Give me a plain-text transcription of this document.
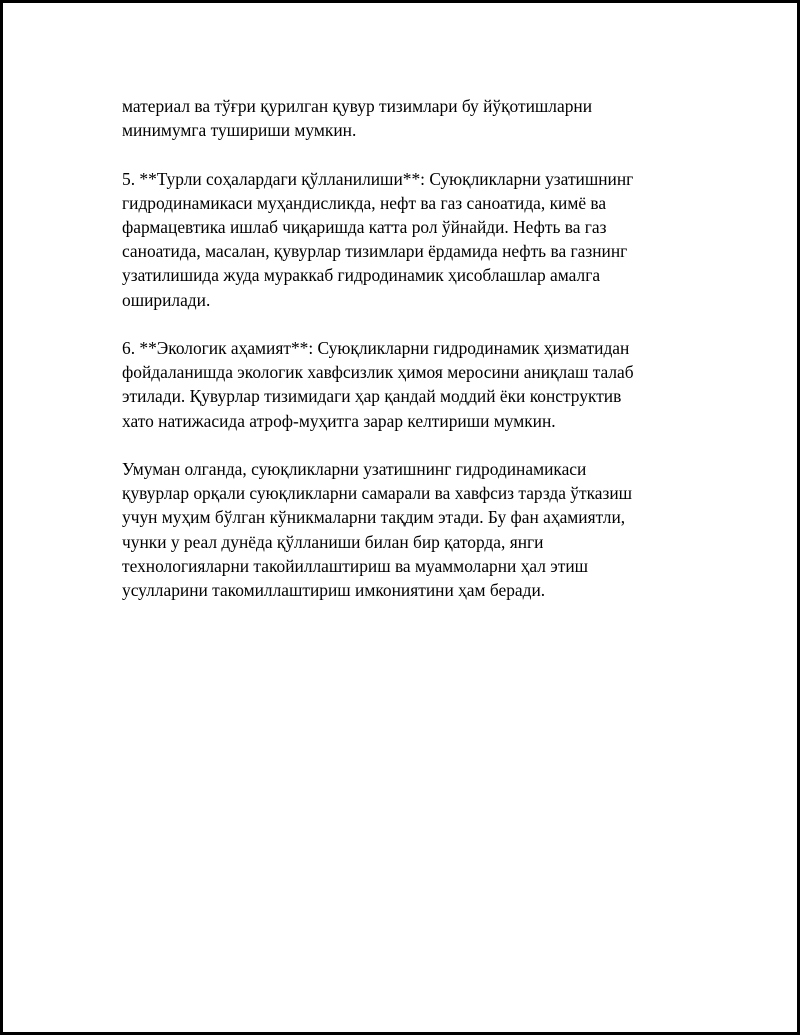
материал ва тўғри қурилган қувур тизимлари бу йўқотишларни
минимумга тушириши мумкин.

5. **Турли соҳалардаги қўлланилиши**: Суюқликларни узатишнинг
гидродинамикаси муҳандисликда, нефт ва газ саноатида, кимё ва
фармацевтика ишлаб чиқаришда катта рол ўйнайди. Нефть ва газ
саноатида, масалан, қувурлар тизимлари ёрдамида нефть ва газнинг
узатилишида жуда мураккаб гидродинамик ҳисоблашлар амалга
оширилади.

6. **Экологик аҳамият**: Суюқликларни гидродинамик ҳизматидан
фойдаланишда экологик хавфсизлик ҳимоя меросини аниқлаш талаб
этилади. Қувурлар тизимидаги ҳар қандай моддий ёки конструктив
хато натижасида атроф-муҳитга зарар келтириши мумкин.

Умуман олганда, суюқликларни узатишнинг гидродинамикаси
қувурлар орқали суюқликларни самарали ва хавфсиз тарзда ўтказиш
учун муҳим бўлган кўникмаларни тақдим этади. Бу фан аҳамиятли,
чунки у реал дунёда қўлланиши билан бир қаторда, янги
технологияларни такойиллаштириш ва муаммоларни ҳал этиш
усулларини такомиллаштириш имкониятини ҳам беради.
